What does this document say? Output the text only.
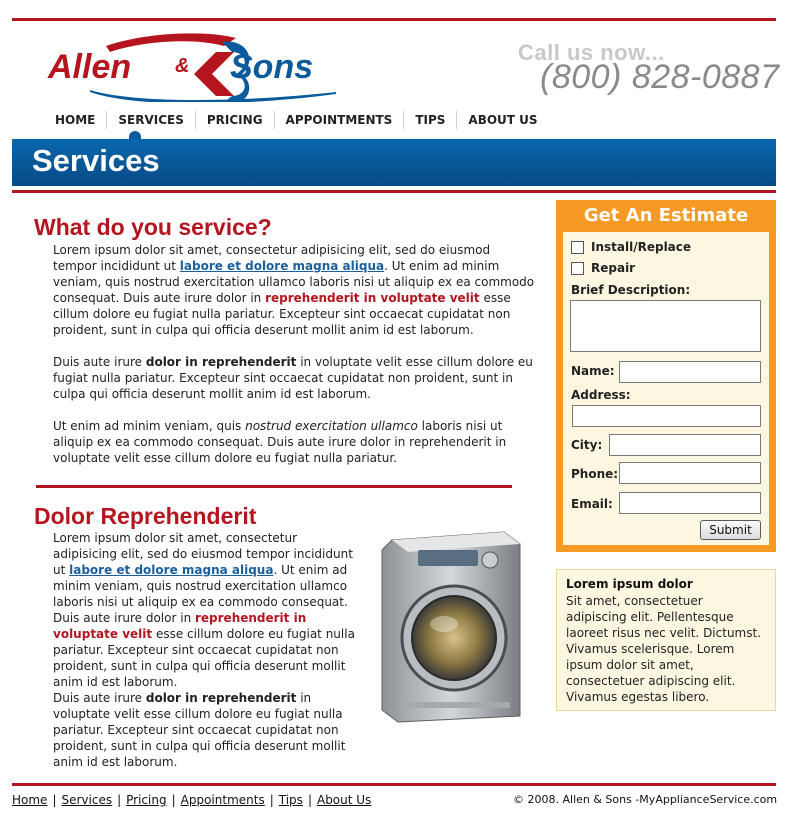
Allen & Sons	Call us now...
(800) 828-0887
HOME	SERVICES	PRICING	APPOINTMENTS	TIPS	ABOUT US
Services
What do you service?

Lorem ipsum dolor sit amet, consectetur adipisicing elit, sed do eiusmod tempor incididunt ut labore et dolore magna aliqua. Ut enim ad minim veniam, quis nostrud exercitation ullamco laboris nisi ut aliquip ex ea commodo consequat. Duis aute irure dolor in reprehenderit in voluptate velit esse cillum dolore eu fugiat nulla pariatur. Excepteur sint occaecat cupidatat non proident, sunt in culpa qui officia deserunt mollit anim id est laborum.

Duis aute irure dolor in reprehenderit in voluptate velit esse cillum dolore eu fugiat nulla pariatur. Excepteur sint occaecat cupidatat non proident, sunt in culpa qui officia deserunt mollit anim id est laborum.

Ut enim ad minim veniam, quis nostrud exercitation ullamco laboris nisi ut aliquip ex ea commodo consequat. Duis aute irure dolor in reprehenderit in voluptate velit esse cillum dolore eu fugiat nulla pariatur.

Dolor Reprehenderit

Lorem ipsum dolor sit amet, consectetur adipisicing elit, sed do eiusmod tempor incididunt ut labore et dolore magna aliqua. Ut enim ad minim veniam, quis nostrud exercitation ullamco laboris nisi ut aliquip ex ea commodo consequat. Duis aute irure dolor in reprehenderit in voluptate velit esse cillum dolore eu fugiat nulla pariatur. Excepteur sint occaecat cupidatat non proident, sunt in culpa qui officia deserunt mollit anim id est laborum.

Duis aute irure dolor in reprehenderit in voluptate velit esse cillum dolore eu fugiat nulla pariatur. Excepteur sint occaecat cupidatat non proident, sunt in culpa qui officia deserunt mollit anim id est laborum.

Get An Estimate
Install/Replace
Repair
Brief Description:
Name:
Address:
City:
Phone:
Email:
Submit
Lorem ipsum dolor

Sit amet, consectetuer adipiscing elit. Pellentesque laoreet risus nec velit. Dictumst. Vivamus scelerisque. Lorem ipsum dolor sit amet, consectetuer adipiscing elit. Vivamus egestas libero.

Home | Services | Pricing | Appointments | Tips | About Us	© 2008. Allen & Sons -MyApplianceService.com
